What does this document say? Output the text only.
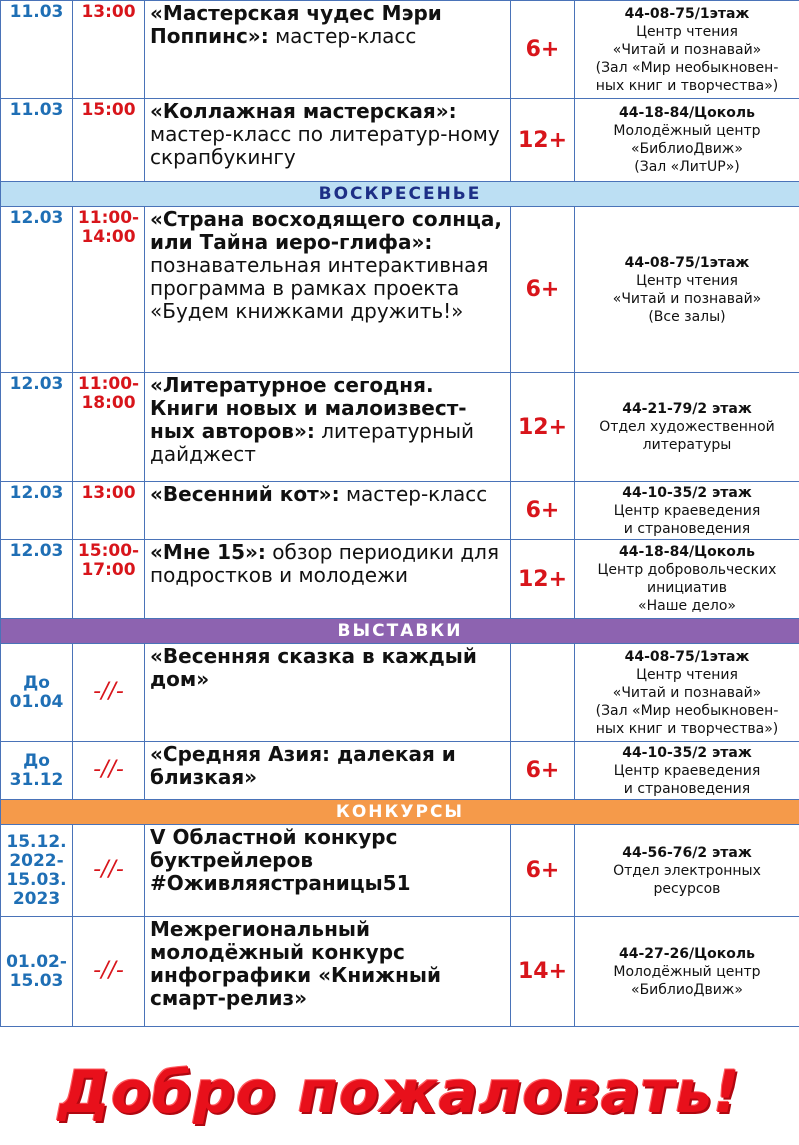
11.03	13:00	«Мастерская чудес Мэри Поппинс»: мастер-класс	6+	44-08-75/1этаж
Центр чтения
«Читай и познавай»
(Зал «Мир необыкновен-
ных книг и творчества»)

11.03	15:00	«Коллажная мастерская»: мастер-класс по литератур-ному скрапбукингу	12+	44-18-84/Цоколь
Молодёжный центр
«БиблиоДвиж»
(Зал «ЛитUP»)

ВОСКРЕСЕНЬЕ				
12.03	11:00-
14:00	«Страна восходящего солнца, или Тайна иеро-глифа»: познавательная интерактивная программа в рамках проекта «Будем книжками дружить!»	6+	44-08-75/1этаж
Центр чтения
«Читай и познавай»
(Все залы)

12.03	11:00-
18:00	«Литературное сегодня. Книги новых и малоизвест-ных авторов»: литературный дайджест	12+	44-21-79/2 этаж
Отдел художественной
литературы

12.03	13:00	«Весенний кот»: мастер-класс	6+	44-10-35/2 этаж
Центр краеведения
и страноведения

12.03	15:00-
17:00	«Мне 15»: обзор периодики для подростков и молодежи	12+	44-18-84/Цоколь
Центр добровольческих
инициатив
«Наше дело»

ВЫСТАВКИ				
До
01.04	-//-	«Весенняя сказка в каждый дом»		44-08-75/1этаж
Центр чтения
«Читай и познавай»
(Зал «Мир необыкновен-
ных книг и творчества»)

До
31.12	-//-	«Средняя Азия: далекая и близкая»	6+	44-10-35/2 этаж
Центр краеведения
и страноведения

КОНКУРСЫ				
15.12.
2022-
15.03.
2023	-//-	V Областной конкурс буктрейлеров #Оживляястраницы51	6+	44-56-76/2 этаж
Отдел электронных
ресурсов

01.02-
15.03	-//-	Межрегиональный молодёжный конкурс инфографики «Книжный смарт-релиз»	14+	44-27-26/Цоколь
Молодёжный центр
«БиблиоДвиж»
Добро пожаловать!
